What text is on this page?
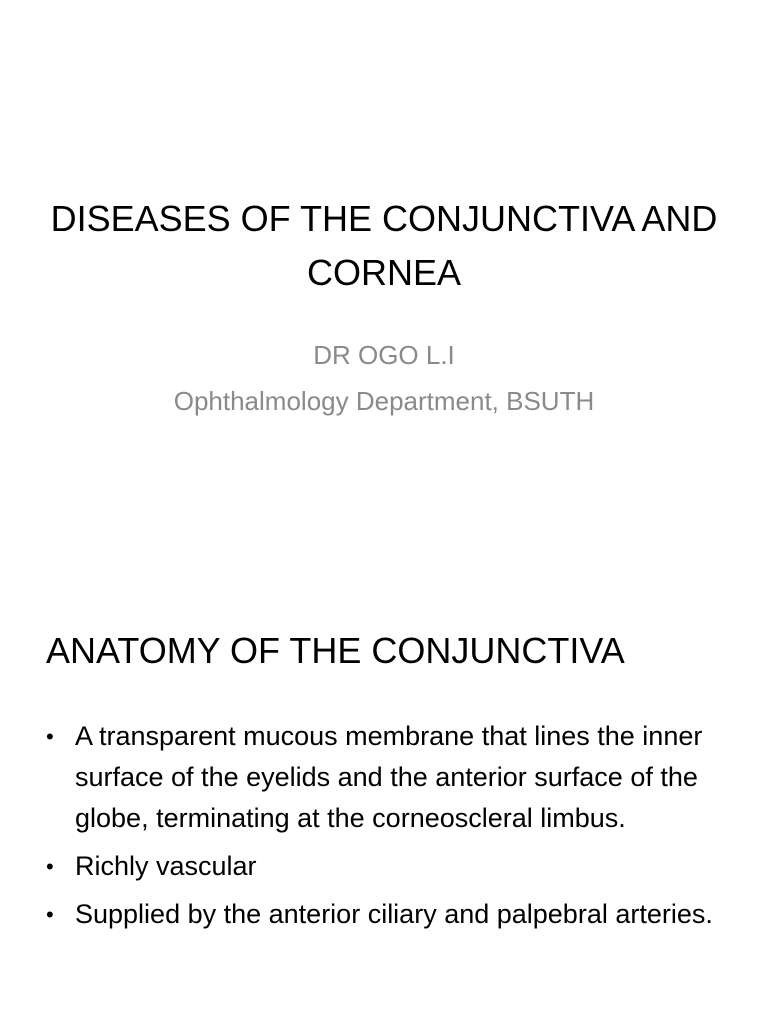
DISEASES OF THE CONJUNCTIVA AND CORNEA
DR OGO L.I
Ophthalmology Department, BSUTH
ANATOMY OF THE CONJUNCTIVA
• A transparent mucous membrane that lines the inner surface of the eyelids and the anterior surface of the globe, terminating at the corneoscleral limbus.
• Richly vascular
• Supplied by the anterior ciliary and palpebral arteries.
